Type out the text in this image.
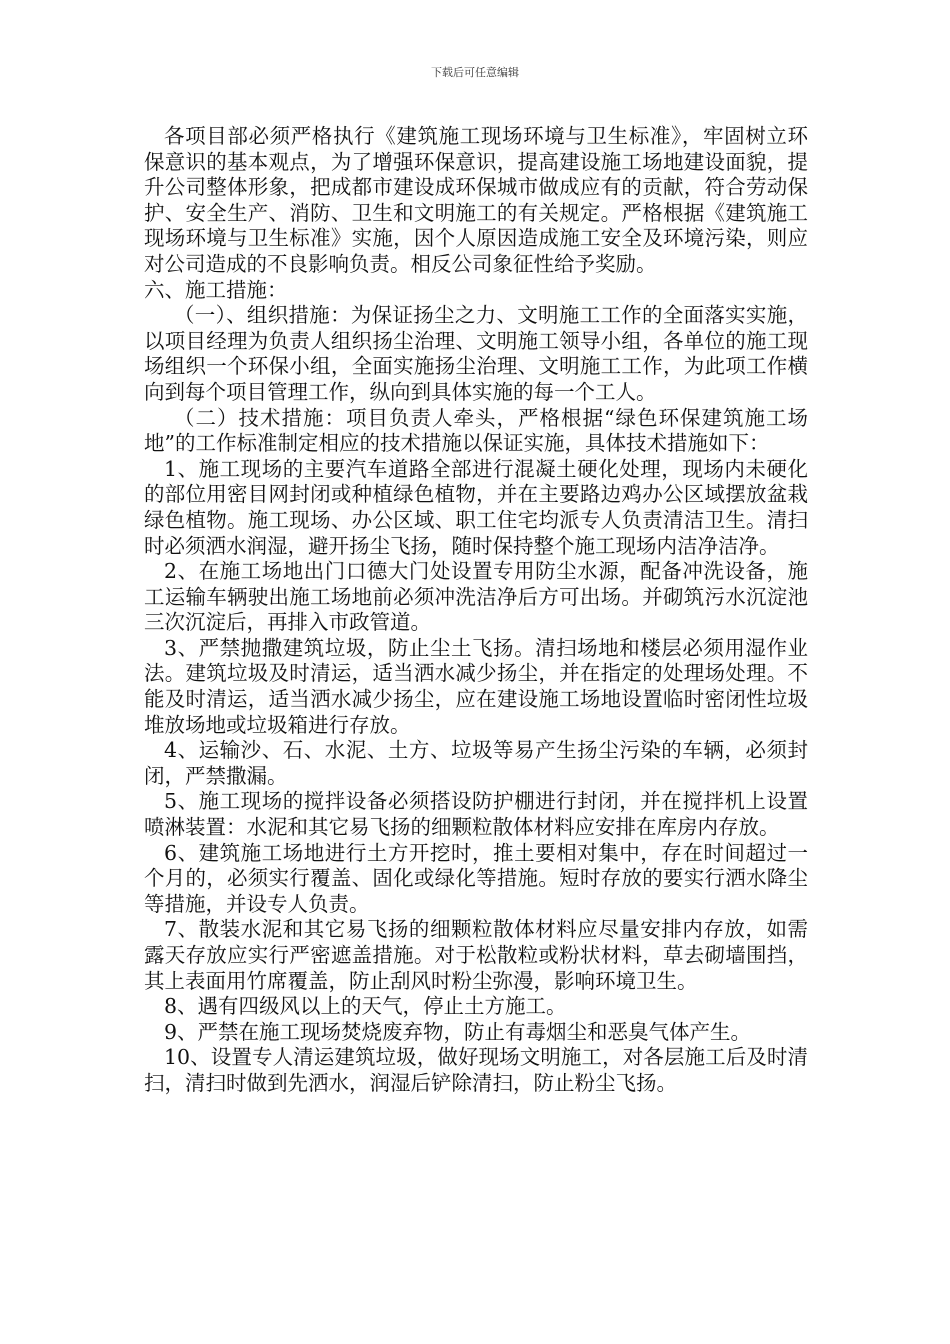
下载后可任意编辑

各项目部必须严格执行《建筑施工现场环境与卫生标准》，牢固树立环保意识的基本观点，为了增强环保意识，提高建设施工场地建设面貌，提升公司整体形象，把成都市建设成环保城市做成应有的贡献，符合劳动保护、安全生产、消防、卫生和文明施工的有关规定。严格根据《建筑施工现场环境与卫生标准》实施，因个人原因造成施工安全及环境污染，则应对公司造成的不良影响负责。相反公司象征性给予奖励。

六、施工措施：

（一）、组织措施：为保证扬尘之力、文明施工工作的全面落实实施，以项目经理为负责人组织扬尘治理、文明施工领导小组，各单位的施工现场组织一个环保小组，全面实施扬尘治理、文明施工工作，为此项工作横向到每个项目管理工作，纵向到具体实施的每一个工人。

（二）技术措施：项目负责人牵头，严格根据“绿色环保建筑施工场地”的工作标准制定相应的技术措施以保证实施，具体技术措施如下：

1、施工现场的主要汽车道路全部进行混凝土硬化处理，现场内未硬化的部位用密目网封闭或种植绿色植物，并在主要路边鸡办公区域摆放盆栽绿色植物。施工现场、办公区域、职工住宅均派专人负责清洁卫生。清扫时必须洒水润湿，避开扬尘飞扬，随时保持整个施工现场内洁净洁净。

2、在施工场地出门口德大门处设置专用防尘水源，配备冲洗设备，施工运输车辆驶出施工场地前必须冲洗洁净后方可出场。并砌筑污水沉淀池三次沉淀后，再排入市政管道。

3、严禁抛撒建筑垃圾，防止尘土飞扬。清扫场地和楼层必须用湿作业法。建筑垃圾及时清运，适当洒水减少扬尘，并在指定的处理场处理。不能及时清运，适当洒水减少扬尘，应在建设施工场地设置临时密闭性垃圾堆放场地或垃圾箱进行存放。

4、运输沙、石、水泥、土方、垃圾等易产生扬尘污染的车辆，必须封闭，严禁撒漏。

5、施工现场的搅拌设备必须搭设防护棚进行封闭，并在搅拌机上设置喷淋装置：水泥和其它易飞扬的细颗粒散体材料应安排在库房内存放。

6、建筑施工场地进行土方开挖时，推土要相对集中，存在时间超过一个月的，必须实行覆盖、固化或绿化等措施。短时存放的要实行洒水降尘等措施，并设专人负责。

7、散装水泥和其它易飞扬的细颗粒散体材料应尽量安排内存放，如需露天存放应实行严密遮盖措施。对于松散粒或粉状材料，草去砌墙围挡，其上表面用竹席覆盖，防止刮风时粉尘弥漫，影响环境卫生。

8、遇有四级风以上的天气，停止土方施工。

9、严禁在施工现场焚烧废弃物，防止有毒烟尘和恶臭气体产生。

10、设置专人清运建筑垃圾，做好现场文明施工，对各层施工后及时清扫，清扫时做到先洒水，润湿后铲除清扫，防止粉尘飞扬。
